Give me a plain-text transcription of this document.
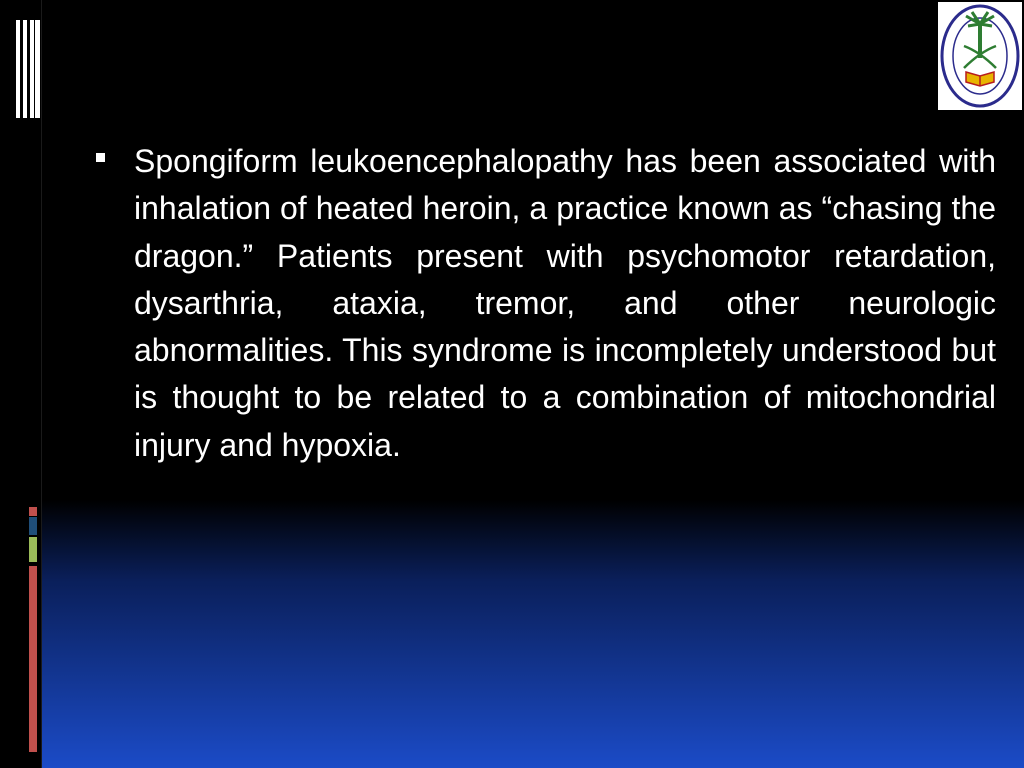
Spongiform leukoencephalopathy has been associated with inhalation of heated heroin, a practice known as “chasing the dragon.” Patients present with psychomotor retardation, dysarthria, ataxia, tremor, and other neurologic abnormalities. This syndrome is incompletely understood but is thought to be related to a combination of mitochondrial injury and hypoxia.
